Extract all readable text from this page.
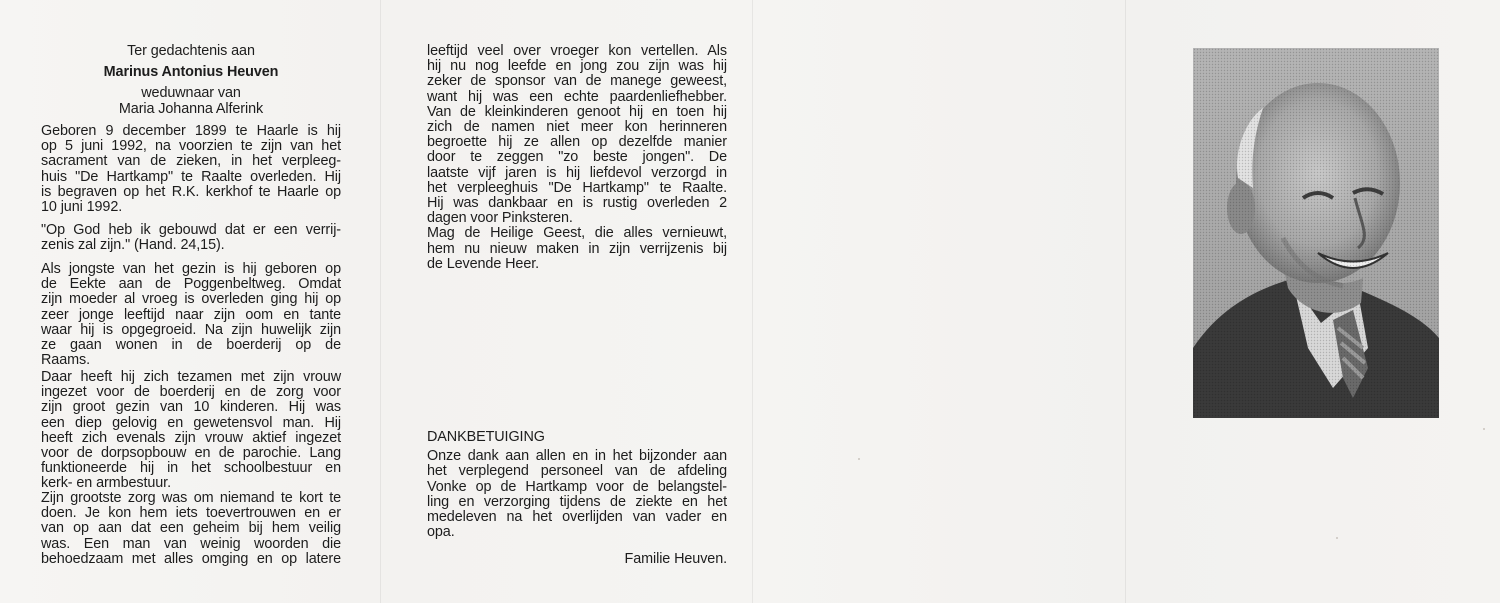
Ter gedachtenis aan
Marinus Antonius Heuven
weduwnaar van
Maria Johanna Alferink
Geboren 9 december 1899 te Haarle is hij
op 5 juni 1992, na voorzien te zijn van het
sacrament van de zieken, in het verpleeg-
huis "De Hartkamp" te Raalte overleden. Hij
is begraven op het R.K. kerkhof te Haarle op
10 juni 1992.
"Op God heb ik gebouwd dat er een verrij-
zenis zal zijn." (Hand. 24,15).
Als jongste van het gezin is hij geboren op
de Eekte aan de Poggenbeltweg. Omdat
zijn moeder al vroeg is overleden ging hij op
zeer jonge leeftijd naar zijn oom en tante
waar hij is opgegroeid. Na zijn huwelijk zijn
ze gaan wonen in de boerderij op de
Raams.
Daar heeft hij zich tezamen met zijn vrouw
ingezet voor de boerderij en de zorg voor
zijn groot gezin van 10 kinderen. Hij was
een diep gelovig en gewetensvol man. Hij
heeft zich evenals zijn vrouw aktief ingezet
voor de dorpsopbouw en de parochie. Lang
funktioneerde hij in het schoolbestuur en
kerk- en armbestuur.
Zijn grootste zorg was om niemand te kort te
doen. Je kon hem iets toevertrouwen en er
van op aan dat een geheim bij hem veilig
was. Een man van weinig woorden die
behoedzaam met alles omging en op latere
leeftijd veel over vroeger kon vertellen. Als
hij nu nog leefde en jong zou zijn was hij
zeker de sponsor van de manege geweest,
want hij was een echte paardenliefhebber.
Van de kleinkinderen genoot hij en toen hij
zich de namen niet meer kon herinneren
begroette hij ze allen op dezelfde manier
door te zeggen "zo beste jongen". De
laatste vijf jaren is hij liefdevol verzorgd in
het verpleeghuis "De Hartkamp" te Raalte.
Hij was dankbaar en is rustig overleden 2
dagen voor Pinksteren.
Mag de Heilige Geest, die alles vernieuwt,
hem nu nieuw maken in zijn verrijzenis bij
de Levende Heer.
DANKBETUIGING
Onze dank aan allen en in het bijzonder aan
het verplegend personeel van de afdeling
Vonke op de Hartkamp voor de belangstel-
ling en verzorging tijdens de ziekte en het
medeleven na het overlijden van vader en
opa.
Familie Heuven.
